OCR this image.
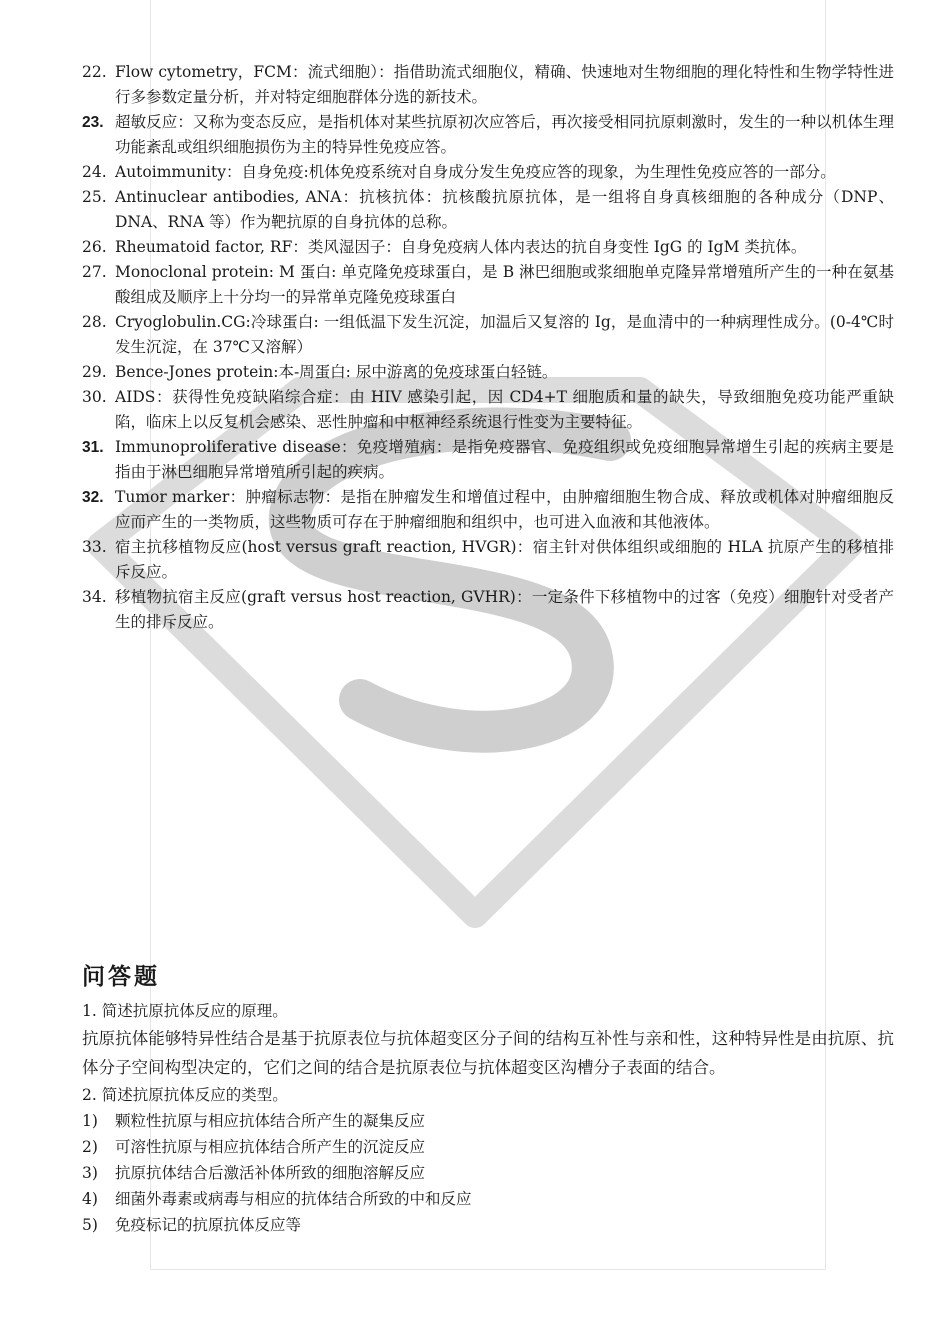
22. Flow cytometry，FCM：流式细胞）：指借助流式细胞仪，精确、快速地对生物细胞的理化特性和生物学特性进行多参数定量分析，并对特定细胞群体分选的新技术。
23. 超敏反应：又称为变态反应，是指机体对某些抗原初次应答后，再次接受相同抗原刺激时，发生的一种以机体生理功能紊乱或组织细胞损伤为主的特异性免疫应答。
24. Autoimmunity：自身免疫:机体免疫系统对自身成分发生免疫应答的现象，为生理性免疫应答的一部分。
25. Antinuclear antibodies, ANA：抗核抗体：抗核酸抗原抗体，是一组将自身真核细胞的各种成分（DNP、DNA、RNA 等）作为靶抗原的自身抗体的总称。
26. Rheumatoid factor, RF：类风湿因子：自身免疫病人体内表达的抗自身变性 IgG 的 IgM 类抗体。
27. Monoclonal protein: M 蛋白: 单克隆免疫球蛋白，是 B 淋巴细胞或浆细胞单克隆异常增殖所产生的一种在氨基酸组成及顺序上十分均一的异常单克隆免疫球蛋白
28. Cryoglobulin.CG:冷球蛋白: 一组低温下发生沉淀，加温后又复溶的 Ig，是血清中的一种病理性成分。(0-4℃时发生沉淀，在 37℃又溶解）
29. Bence-Jones protein:本-周蛋白: 尿中游离的免疫球蛋白轻链。
30. AIDS：获得性免疫缺陷综合症：由 HIV 感染引起，因 CD4+T 细胞质和量的缺失，导致细胞免疫功能严重缺陷，临床上以反复机会感染、恶性肿瘤和中枢神经系统退行性变为主要特征。
31. Immunoproliferative disease：免疫增殖病：是指免疫器官、免疫组织或免疫细胞异常增生引起的疾病主要是指由于淋巴细胞异常增殖所引起的疾病。
32. Tumor marker：肿瘤标志物：是指在肿瘤发生和增值过程中，由肿瘤细胞生物合成、释放或机体对肿瘤细胞反应而产生的一类物质，这些物质可存在于肿瘤细胞和组织中，也可进入血液和其他液体。
33. 宿主抗移植物反应(host versus graft reaction, HVGR)：宿主针对供体组织或细胞的 HLA 抗原产生的移植排斥反应。
34. 移植物抗宿主反应(graft versus host reaction, GVHR)：一定条件下移植物中的过客（免疫）细胞针对受者产生的排斥反应。
问答题

1. 简述抗原抗体反应的原理。

抗原抗体能够特异性结合是基于抗原表位与抗体超变区分子间的结构互补性与亲和性，这种特异性是由抗原、抗体分子空间构型决定的，它们之间的结合是抗原表位与抗体超变区沟槽分子表面的结合。

2. 简述抗原抗体反应的类型。

1)	颗粒性抗原与相应抗体结合所产生的凝集反应
2)	可溶性抗原与相应抗体结合所产生的沉淀反应
3)	抗原抗体结合后激活补体所致的细胞溶解反应
4)	细菌外毒素或病毒与相应的抗体结合所致的中和反应
5)	免疫标记的抗原抗体反应等
